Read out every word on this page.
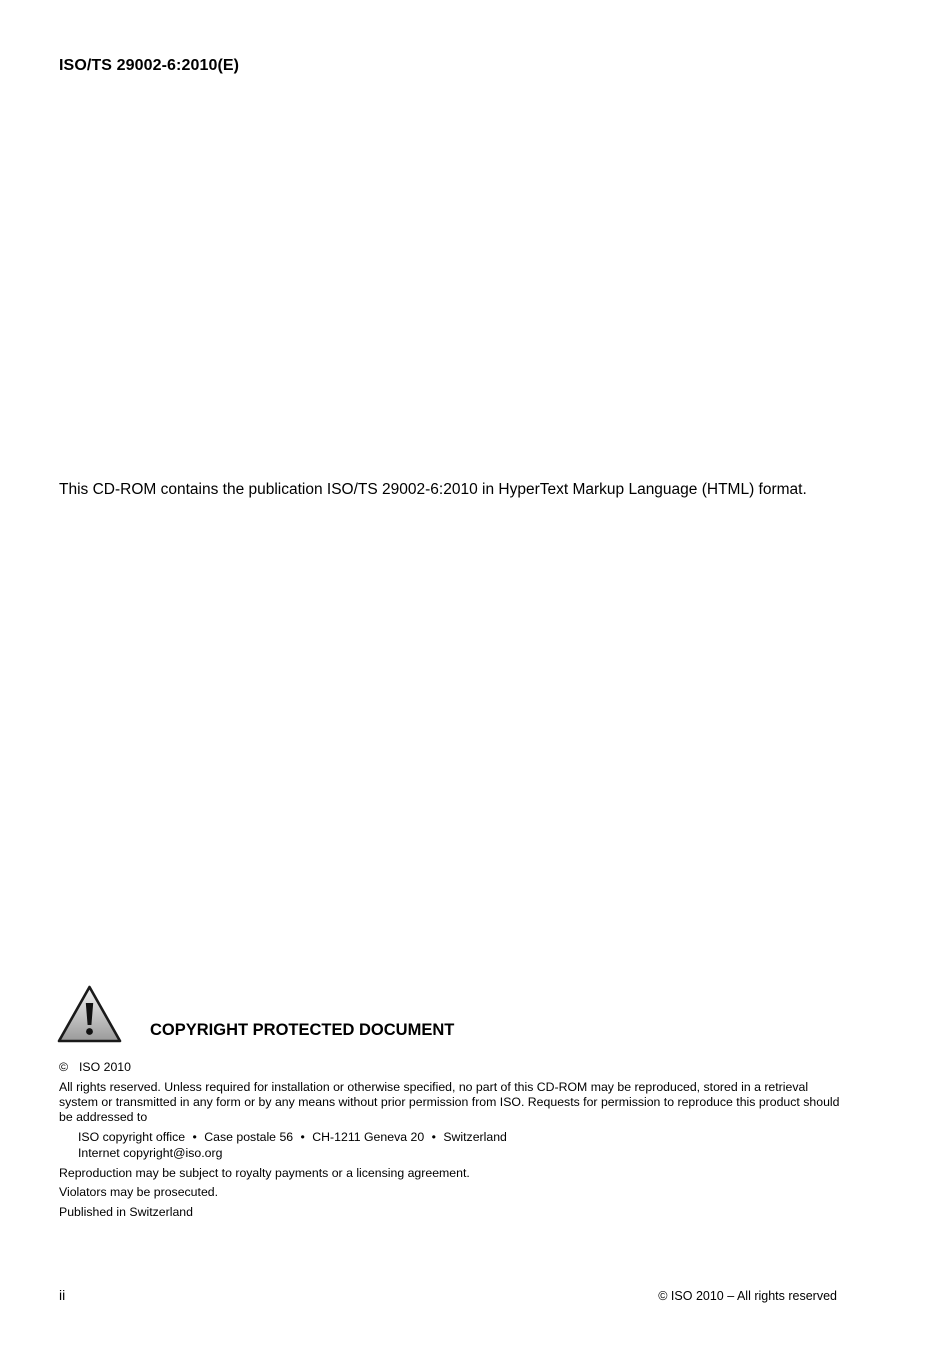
ISO/TS 29002-6:2010(E)
This CD-ROM contains the publication ISO/TS 29002-6:2010 in HyperText Markup Language (HTML) format.
COPYRIGHT PROTECTED DOCUMENT
© ISO 2010
All rights reserved. Unless required for installation or otherwise specified, no part of this CD-ROM may be reproduced, stored in a retrieval system or transmitted in any form or by any means without prior permission from ISO. Requests for permission to reproduce this product should be addressed to
ISO copyright office • Case postale 56 • CH-1211 Geneva 20 • Switzerland
Internet copyright@iso.org
Reproduction may be subject to royalty payments or a licensing agreement.
Violators may be prosecuted.
Published in Switzerland
ii	© ISO 2010 – All rights reserved
